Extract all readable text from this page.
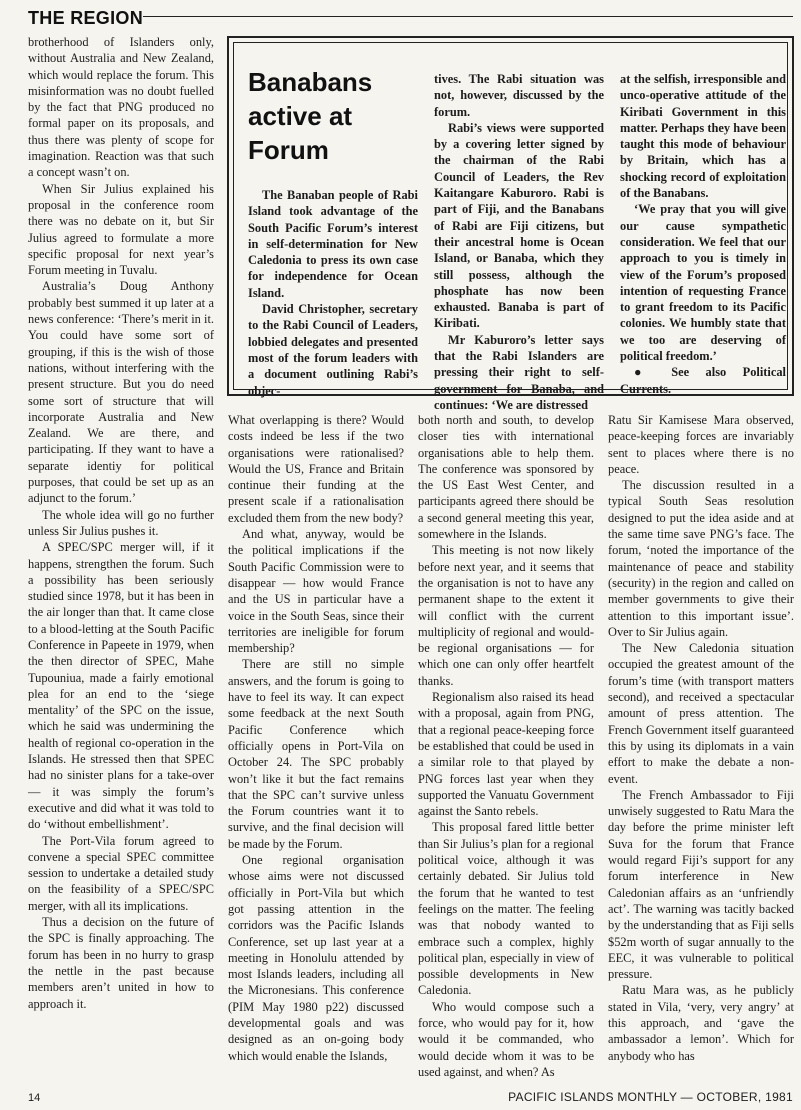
THE REGION

brotherhood of Islanders only, without Australia and New Zealand, which would replace the forum. This misinformation was no doubt fuelled by the fact that PNG produced no formal paper on its proposals, and thus there was plenty of scope for imagination. Reaction was that such a concept wasn’t on.

When Sir Julius explained his proposal in the conference room there was no debate on it, but Sir Julius agreed to formulate a more specific proposal for next year’s Forum meeting in Tuvalu.

Australia’s Doug Anthony probably best summed it up later at a news conference: ‘There’s merit in it. You could have some sort of grouping, if this is the wish of those nations, without interfering with the present structure. But you do need some sort of structure that will incorporate Australia and New Zealand. We are there, and participating. If they want to have a separate identiy for political purposes, that could be set up as an adjunct to the forum.’

The whole idea will go no further unless Sir Julius pushes it.

A SPEC/SPC merger will, if it happens, strengthen the forum. Such a possibility has been seriously studied since 1978, but it has been in the air longer than that. It came close to a blood-letting at the South Pacific Conference in Papeete in 1979, when the then director of SPEC, Mahe Tupouniua, made a fairly emotional plea for an end to the ‘siege mentality’ of the SPC on the issue, which he said was undermining the health of regional co-operation in the Islands. He stressed then that SPEC had no sinister plans for a take-over — it was simply the forum’s executive and did what it was told to do ‘without embellishment’.

The Port-Vila forum agreed to convene a special SPEC committee session to undertake a detailed study on the feasibility of a SPEC/SPC merger, with all its implications.

Thus a decision on the future of the SPC is finally approaching. The forum has been in no hurry to grasp the nettle in the past because members aren’t united in how to approach it.

Banabans active at Forum

The Banaban people of Rabi Island took advantage of the South Pacific Forum’s interest in self-determination for New Caledonia to press its own case for independence for Ocean Island.

David Christopher, secretary to the Rabi Council of Leaders, lobbied delegates and presented most of the forum leaders with a document outlining Rabi’s objec-

tives. The Rabi situation was not, however, discussed by the forum.

Rabi’s views were supported by a covering letter signed by the chairman of the Rabi Council of Leaders, the Rev Kaitangare Kaburoro. Rabi is part of Fiji, and the Banabans of Rabi are Fiji citizens, but their ancestral home is Ocean Island, or Banaba, which they still possess, although the phosphate has now been exhausted. Banaba is part of Kiribati.

Mr Kaburoro’s letter says that the Rabi Islanders are pressing their right to self-government for Banaba, and continues: ‘We are distressed

at the selfish, irresponsible and unco-operative attitude of the Kiribati Government in this matter. Perhaps they have been taught this mode of behaviour by Britain, which has a shocking record of exploitation of the Banabans.

‘We pray that you will give our cause sympathetic consideration. We feel that our approach to you is timely in view of the Forum’s proposed intention of requesting France to grant freedom to its Pacific colonies. We humbly state that we too are deserving of political freedom.’

● See also Political Currents.

What overlapping is there? Would costs indeed be less if the two organisations were rationalised? Would the US, France and Britain continue their funding at the present scale if a rationalisation excluded them from the new body?

And what, anyway, would be the political implications if the South Pacific Commission were to disappear — how would France and the US in particular have a voice in the South Seas, since their territories are ineligible for forum membership?

There are still no simple answers, and the forum is going to have to feel its way. It can expect some feedback at the next South Pacific Conference which officially opens in Port-Vila on October 24. The SPC probably won’t like it but the fact remains that the SPC can’t survive unless the Forum countries want it to survive, and the final decision will be made by the Forum.

One regional organisation whose aims were not discussed officially in Port-Vila but which got passing attention in the corridors was the Pacific Islands Conference, set up last year at a meeting in Honolulu attended by most Islands leaders, including all the Micronesians. This conference (PIM May 1980 p22) discussed developmental goals and was designed as an on-going body which would enable the Islands,

both north and south, to develop closer ties with international organisations able to help them. The conference was sponsored by the US East West Center, and participants agreed there should be a second general meeting this year, somewhere in the Islands.

This meeting is not now likely before next year, and it seems that the organisation is not to have any permanent shape to the extent it will conflict with the current multiplicity of regional and would-be regional organisations — for which one can only offer heartfelt thanks.

Regionalism also raised its head with a proposal, again from PNG, that a regional peace-keeping force be established that could be used in a similar role to that played by PNG forces last year when they supported the Vanuatu Government against the Santo rebels.

This proposal fared little better than Sir Julius’s plan for a regional political voice, although it was certainly debated. Sir Julius told the forum that he wanted to test feelings on the matter. The feeling was that nobody wanted to embrace such a complex, highly political plan, especially in view of possible developments in New Caledonia.

Who would compose such a force, who would pay for it, how would it be commanded, who would decide whom it was to be used against, and when? As

Ratu Sir Kamisese Mara observed, peace-keeping forces are invariably sent to places where there is no peace.

The discussion resulted in a typical South Seas resolution designed to put the idea aside and at the same time save PNG’s face. The forum, ‘noted the importance of the maintenance of peace and stability (security) in the region and called on member governments to give their attention to this important issue’. Over to Sir Julius again.

The New Caledonia situation occupied the greatest amount of the forum’s time (with transport matters second), and received a spectacular amount of press attention. The French Government itself guaranteed this by using its diplomats in a vain effort to make the debate a non-event.

The French Ambassador to Fiji unwisely suggested to Ratu Mara the day before the prime minister left Suva for the forum that France would regard Fiji’s support for any forum interference in New Caledonian affairs as an ‘unfriendly act’. The warning was tacitly backed by the understanding that as Fiji sells $52m worth of sugar annually to the EEC, it was vulnerable to political pressure.

Ratu Mara was, as he publicly stated in Vila, ‘very, very angry’ at this approach, and ‘gave the ambassador a lemon’. Which for anybody who has

14	PACIFIC ISLANDS MONTHLY — OCTOBER, 1981
